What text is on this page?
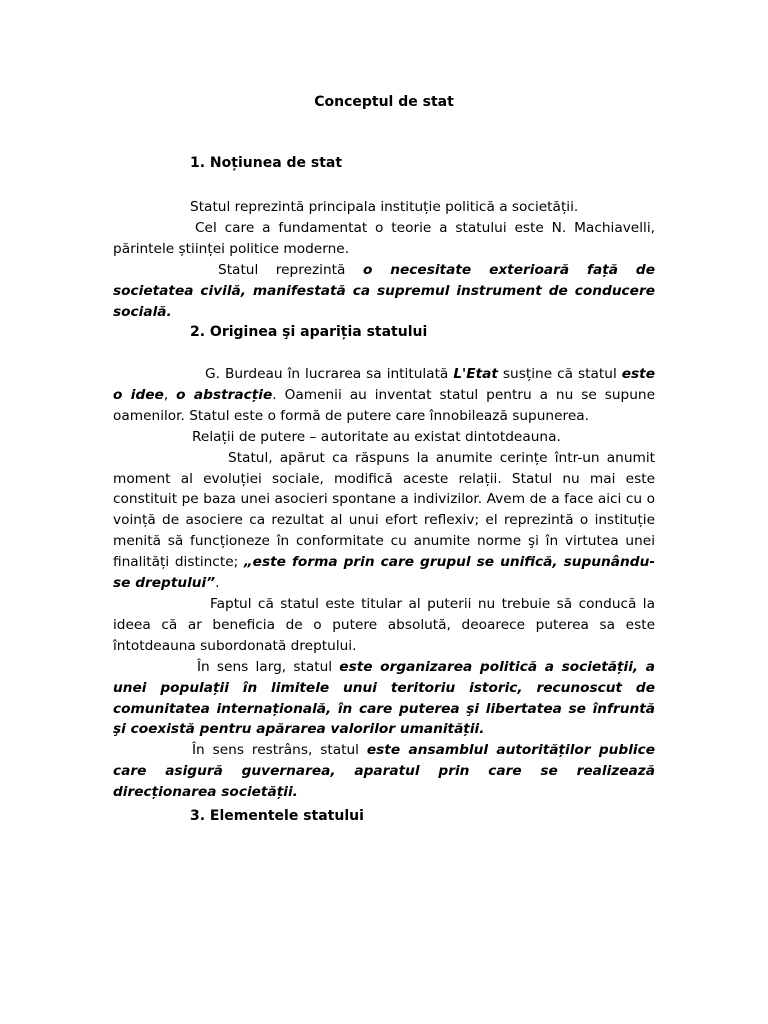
Conceptul de stat
1. Noțiunea de stat

Statul reprezintă principala instituție politică a societății.

Cel care a fundamentat o teorie a statului este N. Machiavelli, părintele științei politice moderne.

Statul reprezintă o necesitate exterioară față de societatea civilă, manifestată ca supremul instrument de conducere socială.

2. Originea şi apariția statului

G. Burdeau în lucrarea sa intitulată L'Etat susține că statul este o idee, o abstracție. Oamenii au inventat statul pentru a nu se supune oamenilor. Statul este o formă de putere care înnobilează supunerea.

Relații de putere – autoritate au existat dintotdeauna.

Statul, apărut ca răspuns la anumite cerințe într-un anumit moment al evoluției sociale, modifică aceste relații. Statul nu mai este constituit pe baza unei asocieri spontane a indivizilor. Avem de a face aici cu o voință de asociere ca rezultat al unui efort reflexiv; el reprezintă o instituție menită să funcționeze în conformitate cu anumite norme şi în virtutea unei finalități distincte; „este forma prin care grupul se unifică, supunându-se dreptului”.

Faptul că statul este titular al puterii nu trebuie să conducă la ideea că ar beneficia de o putere absolută, deoarece puterea sa este întotdeauna subordonată dreptului.

În sens larg, statul este organizarea politică a societății, a unei populații în limitele unui teritoriu istoric, recunoscut de comunitatea internațională, în care puterea şi libertatea se înfruntă şi coexistă pentru apărarea valorilor umanității.

În sens restrâns, statul este ansamblul autorităților publice care asigură guvernarea, aparatul prin care se realizează direcționarea societății.

3. Elementele statului
